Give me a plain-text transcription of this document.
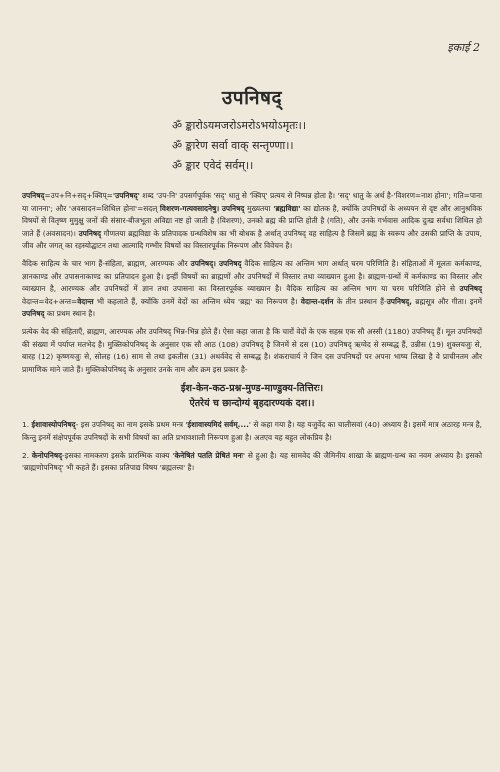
इकाई 2
उपनिषद्
ॐ ङ्कारोऽयमजरोऽमरोऽभयोऽमृतः।।
ॐ ङ्कारेण सर्वा वाक् सन्तृण्णा।।
ॐ ङ्कार एवेदं सर्वम्।।

उपनिषद्=उप+नि+सद्+क्विप्='उपनिषद्' शब्द 'उप-नि' उपसर्गपूर्वक 'सद्' धातु से 'क्विप्' प्रत्यय से निष्पन्न होता है। 'सद्' धातु के अर्थ है-'विशरण=नाश होना'; गति=पाना या जानना'; और 'अवसादन=शिथिल होना'=सदल् विशरण-गत्यवसादनेषु। उपनिषद् मुख्यतया 'ब्रह्मविद्या' का द्योतक है, क्योंकि उपनिषदों के अध्ययन से दृष्ट और आनुश्रविक विषयों से वितृष्ण मुमुक्षु जनों की संसार-बीजभूता अविद्या नष्ट हो जाती है (विशरण), उनको ब्रह्म की प्राप्ति होती है (गति), और उनके गर्भवास आदिक दुःख सर्वथा शिथिल हो जाते हैं (अवसादन)। उपनिषद् गौणतया ब्रह्मविद्या के प्रतिपादक ग्रन्थविशेष का भी बोधक है अर्थात् उपनिषद् वह साहित्य है जिसमें ब्रह्म के स्वरूप और उसकी प्राप्ति के उपाय, जीव और जगत् का रहस्योद्घाटन तथा आत्मादि गम्भीर विषयों का विस्तारपूर्वक निरूपण और विवेचन है।

वैदिक साहित्य के चार भाग हैं-संहिता, ब्राह्मण, आरण्यक और उपनिषद्। उपनिषद् वैदिक साहित्य का अन्तिम भाग अर्थात् चरम परिणिति है। संहिताओं में मूलतः कर्मकाण्ड, ज्ञानकाण्ड और उपासनाकाण्ड का प्रतिपादन हुआ है। इन्हीं विषयों का ब्राह्मणों और उपनिषदों में विस्तार तथा व्याख्यान हुआ है। ब्राह्मण-ग्रन्थों में कर्मकाण्ड का विस्तार और व्याख्यान है, आरण्यक और उपनिषदों में ज्ञान तथा उपासना का विस्तारपूर्वक व्याख्यान है। वैदिक साहित्य का अन्तिम भाग या चरम परिणिति होने से उपनिषद् वेदान्त=वेद+अन्त=वेदान्त भी कहलाते हैं, क्योंकि उनमें वेदों का अन्तिम ध्येय 'ब्रह्म' का निरूपण है। वेदान्त-दर्शन के तीन प्रस्थान हैं-उपनिषद्, ब्रह्मसूत्र और गीता। इनमें उपनिषद् का प्रथम स्थान है।

प्रत्येक वेद की संहिताएँ, ब्राह्मण, आरण्यक और उपनिषद् भिन्न-भिन्न होते हैं। ऐसा कहा जाता है कि चारों वेदों के एक सहस्र एक सौ अस्सी (1180) उपनिषद् हैं। मूल उपनिषदों की संख्या में पर्याप्त मतभेद है। मुक्तिकोपनिषद् के अनुसार एक सौ आठ (108) उपनिषद् है जिनमें से दस (10) उपनिषद् ऋग्वेद से सम्बद्ध हैं, उन्नीस (19) शुक्लयजुः से, बारह (12) कृष्णयजुः से, सोलह (16) साम से तथा इकतीस (31) अथर्ववेद से सम्बद्ध है। शंकराचार्य ने जिन दस उपनिषदों पर अपना भाष्य लिखा है वे प्राचीनतम और प्रामाणिक माने जाते हैं। मुक्तिकोपनिषद् के अनुसार उनके नाम और क्रम इस प्रकार है-

ईश-केन-कठ-प्रश्न-मुण्ड-माण्डुक्य-तित्तिरः।
ऐतरेयं च छान्दोग्यं बृहदारण्यकं दश।।

1. ईशावास्योपनिषद्- इस उपनिषद् का नाम इसके प्रथम मन्त्र 'ईशावास्यमिदं सर्वम्....' से कहा गया है। यह यजुर्वेद का चालीसवां (40) अध्याय है। इसमें मात्र अठारह मन्त्र है, किन्तु इनमें संक्षेपपूर्वक उपनिषदों के सभी विषयों का अति प्रभावशाली निरूपण हुआ है। अतएव यह बहुत लोकप्रिय है।

2. केनोपनिषद्-इसका नामकरण इसके प्रारम्भिक वाक्य 'केनेषितं पतति प्रेषितं मनः' से हुआ है। यह सामवेद की जैमिनीय शाखा के ब्राह्मण-ग्रन्थ का नवम अध्याय है। इसको 'ब्राह्मणोपनिषद्' भी कहते हैं। इसका प्रतिपाद्य विषय 'ब्रह्मतत्त्व' है।
